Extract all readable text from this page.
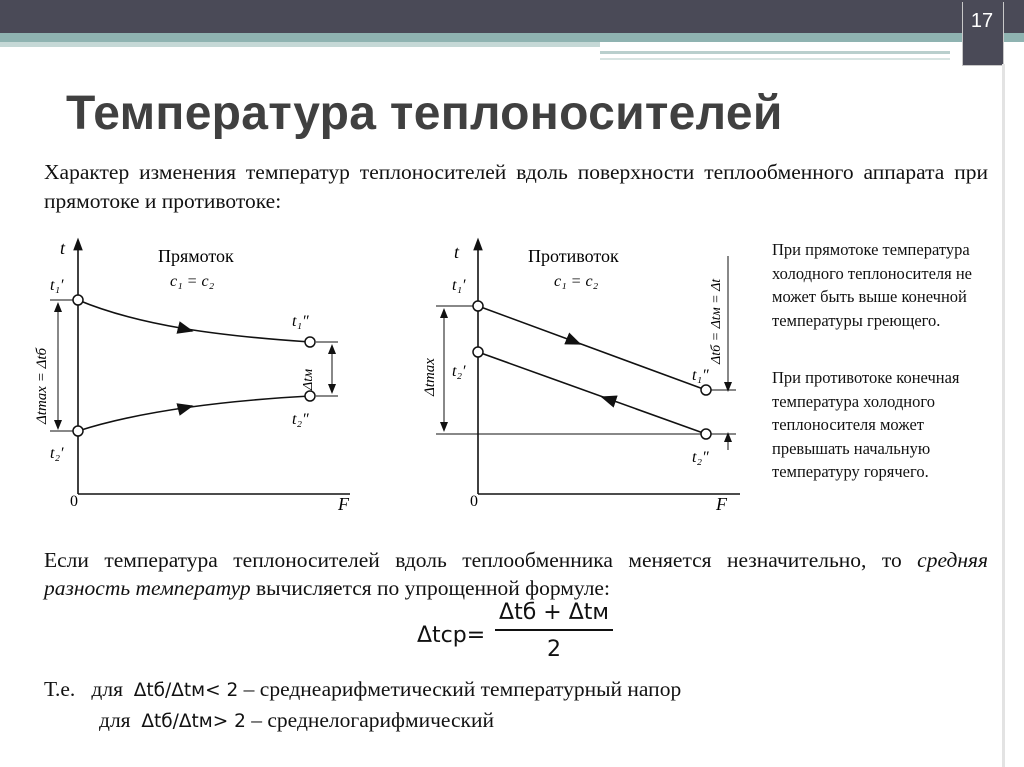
17
Температура теплоносителей
Характер изменения температур теплоносителей вдоль поверхности теплообменного аппарата при прямотоке и противотоке:
t
F
0
Прямоток
c₁ = c₂
t₁′
t₂′
t₁″
t₂″
Δtmax = Δtб	Δtм
t
F
0
Противоток
c₁ = c₂
t₁′
t₂′	t₁″
t₂″
Δtmax
Δtб = Δtм = Δt
При прямотоке температура холодного теплоносителя не может быть выше конечной температуры греющего.
При противотоке конечная температура холодного теплоносителя может превышать начальную температуру горячего.
Если температура теплоносителей вдоль теплообменника меняется незначительно, то средняя разность температур вычисляется по упрощенной формуле:
Δtср=
Δtб + Δtм
2
Т.е. для Δtб/Δtм< 2 – среднеарифметический температурный напор
для Δtб/Δtм> 2 – среднелогарифмический
